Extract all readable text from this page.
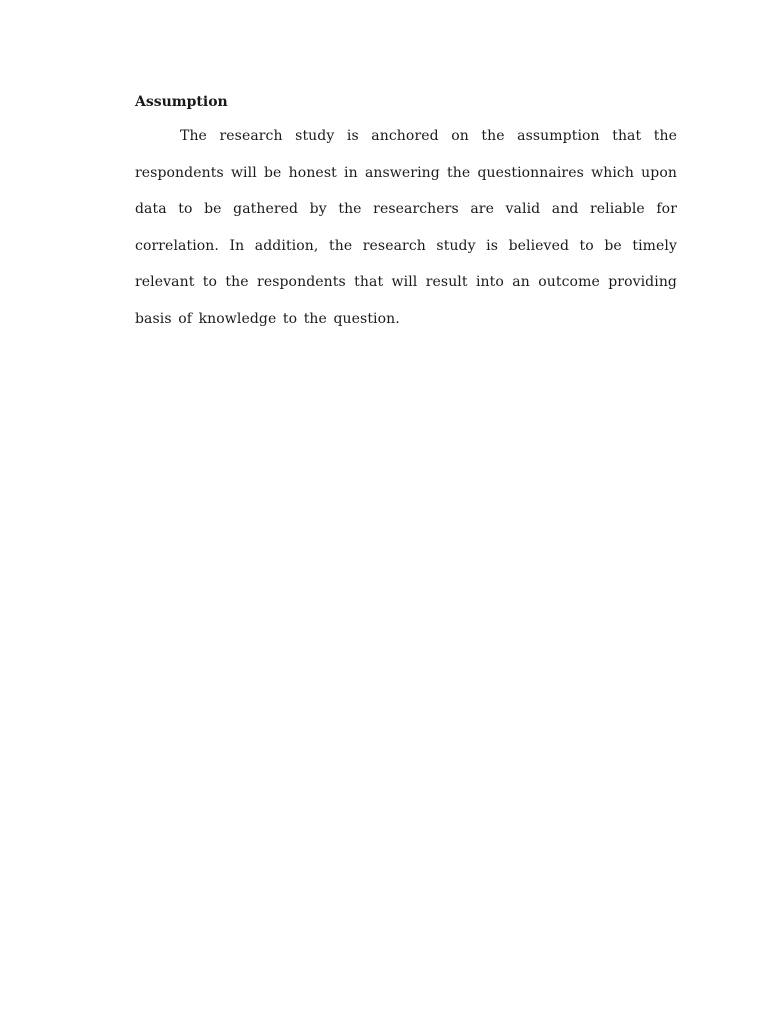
Assumption

The research study is anchored on the assumption that the respondents will be honest in answering the questionnaires which upon data to be gathered by the researchers are valid and reliable for correlation. In addition, the research study is believed to be timely relevant to the respondents that will result into an outcome providing basis of knowledge to the question.
